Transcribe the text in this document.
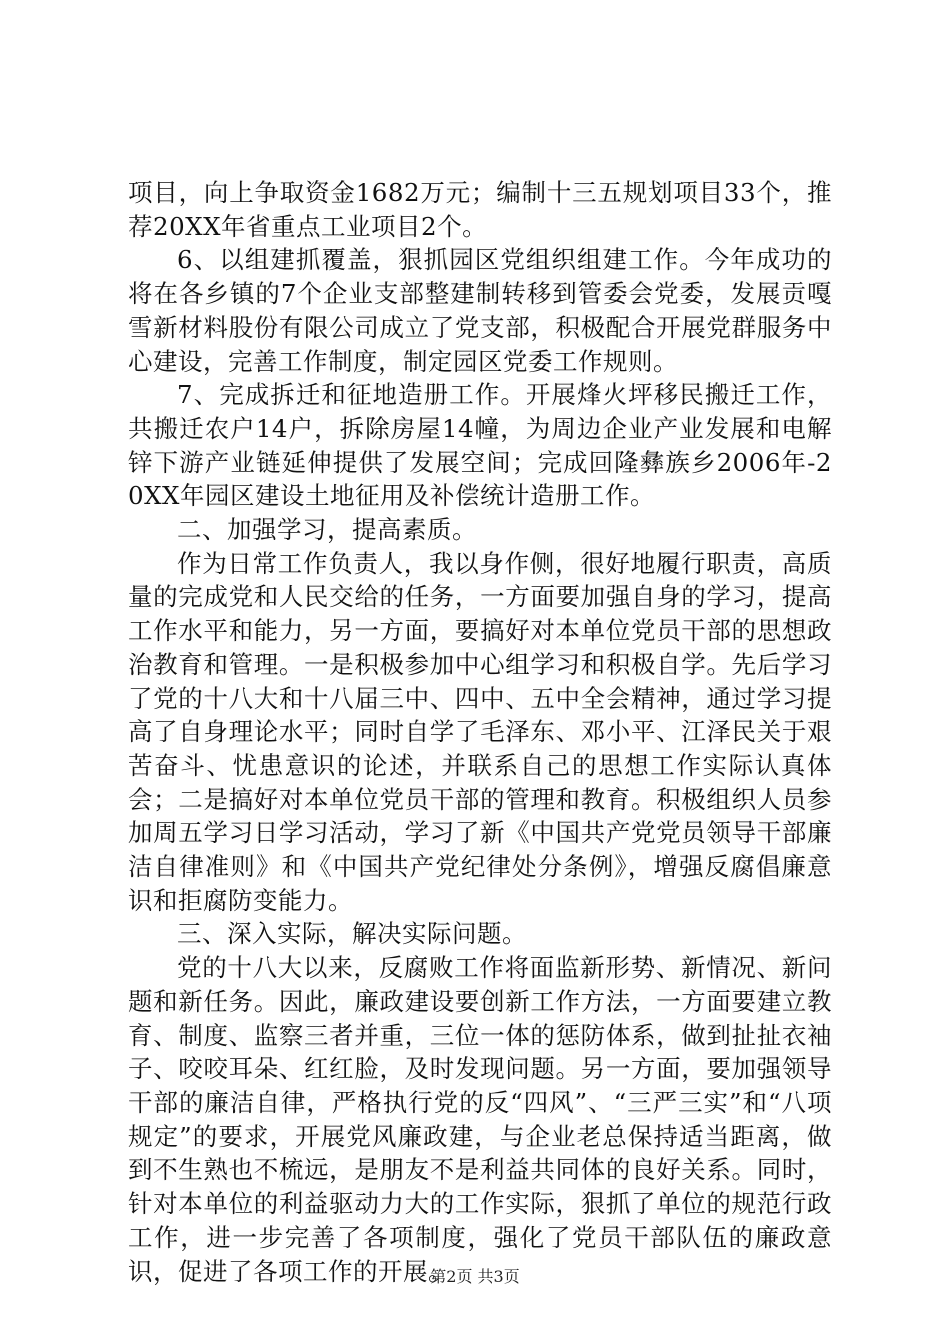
项目，向上争取资金1682万元；编制十三五规划项目33个，推荐20XX年省重点工业项目2个。

6、以组建抓覆盖，狠抓园区党组织组建工作。今年成功的将在各乡镇的7个企业支部整建制转移到管委会党委，发展贡嘎雪新材料股份有限公司成立了党支部，积极配合开展党群服务中心建设，完善工作制度，制定园区党委工作规则。

7、完成拆迁和征地造册工作。开展烽火坪移民搬迁工作，共搬迁农户14户，拆除房屋14幢，为周边企业产业发展和电解锌下游产业链延伸提供了发展空间；完成回隆彝族乡2006年-20XX年园区建设土地征用及补偿统计造册工作。

二、加强学习，提高素质。

作为日常工作负责人，我以身作侧，很好地履行职责，高质量的完成党和人民交给的任务，一方面要加强自身的学习，提高工作水平和能力，另一方面，要搞好对本单位党员干部的思想政治教育和管理。一是积极参加中心组学习和积极自学。先后学习了党的十八大和十八届三中、四中、五中全会精神，通过学习提高了自身理论水平；同时自学了毛泽东、邓小平、江泽民关于艰苦奋斗、忧患意识的论述，并联系自己的思想工作实际认真体会；二是搞好对本单位党员干部的管理和教育。积极组织人员参加周五学习日学习活动，学习了新《中国共产党党员领导干部廉洁自律准则》和《中国共产党纪律处分条例》，增强反腐倡廉意识和拒腐防变能力。

三、深入实际，解决实际问题。

党的十八大以来，反腐败工作将面监新形势、新情况、新问题和新任务。因此，廉政建设要创新工作方法，一方面要建立教育、制度、监察三者并重，三位一体的惩防体系，做到扯扯衣袖子、咬咬耳朵、红红脸，及时发现问题。另一方面，要加强领导干部的廉洁自律，严格执行党的反“四风”、“三严三实”和“八项规定”的要求，开展党风廉政建，与企业老总保持适当距离，做到不生熟也不梳远，是朋友不是利益共同体的良好关系。同时，针对本单位的利益驱动力大的工作实际，狠抓了单位的规范行政工作，进一步完善了各项制度，强化了党员干部队伍的廉政意识，促进了各项工作的开展。

第2页 共3页
